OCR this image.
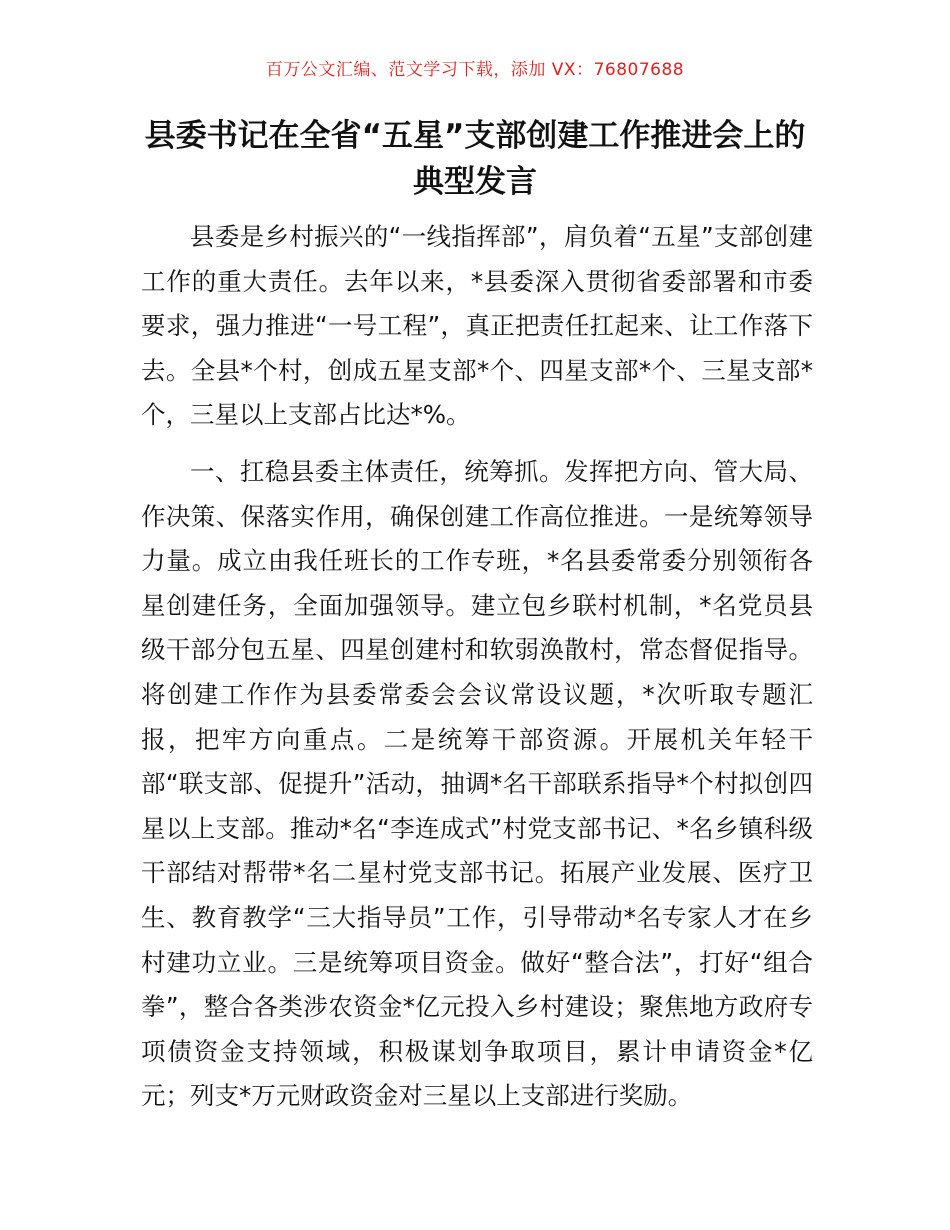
百万公文汇编、范文学习下载，添加 VX：76807688
县委书记在全省“五星”支部创建工作推进会上的典型发言

县委是乡村振兴的“一线指挥部”，肩负着“五星”支部创建工作的重大责任。去年以来，*县委深入贯彻省委部署和市委要求，强力推进“一号工程”，真正把责任扛起来、让工作落下去。全县*个村，创成五星支部*个、四星支部*个、三星支部*个，三星以上支部占比达*%。

一、扛稳县委主体责任，统筹抓。发挥把方向、管大局、作决策、保落实作用，确保创建工作高位推进。一是统筹领导力量。成立由我任班长的工作专班，*名县委常委分别领衔各星创建任务，全面加强领导。建立包乡联村机制，*名党员县级干部分包五星、四星创建村和软弱涣散村，常态督促指导。将创建工作作为县委常委会会议常设议题，*次听取专题汇报，把牢方向重点。二是统筹干部资源。开展机关年轻干部“联支部、促提升”活动，抽调*名干部联系指导*个村拟创四星以上支部。推动*名“李连成式”村党支部书记、*名乡镇科级干部结对帮带*名二星村党支部书记。拓展产业发展、医疗卫生、教育教学“三大指导员”工作，引导带动*名专家人才在乡村建功立业。三是统筹项目资金。做好“整合法”，打好“组合拳”，整合各类涉农资金*亿元投入乡村建设；聚焦地方政府专项债资金支持领域，积极谋划争取项目，累计申请资金*亿元；列支*万元财政资金对三星以上支部进行奖励。
